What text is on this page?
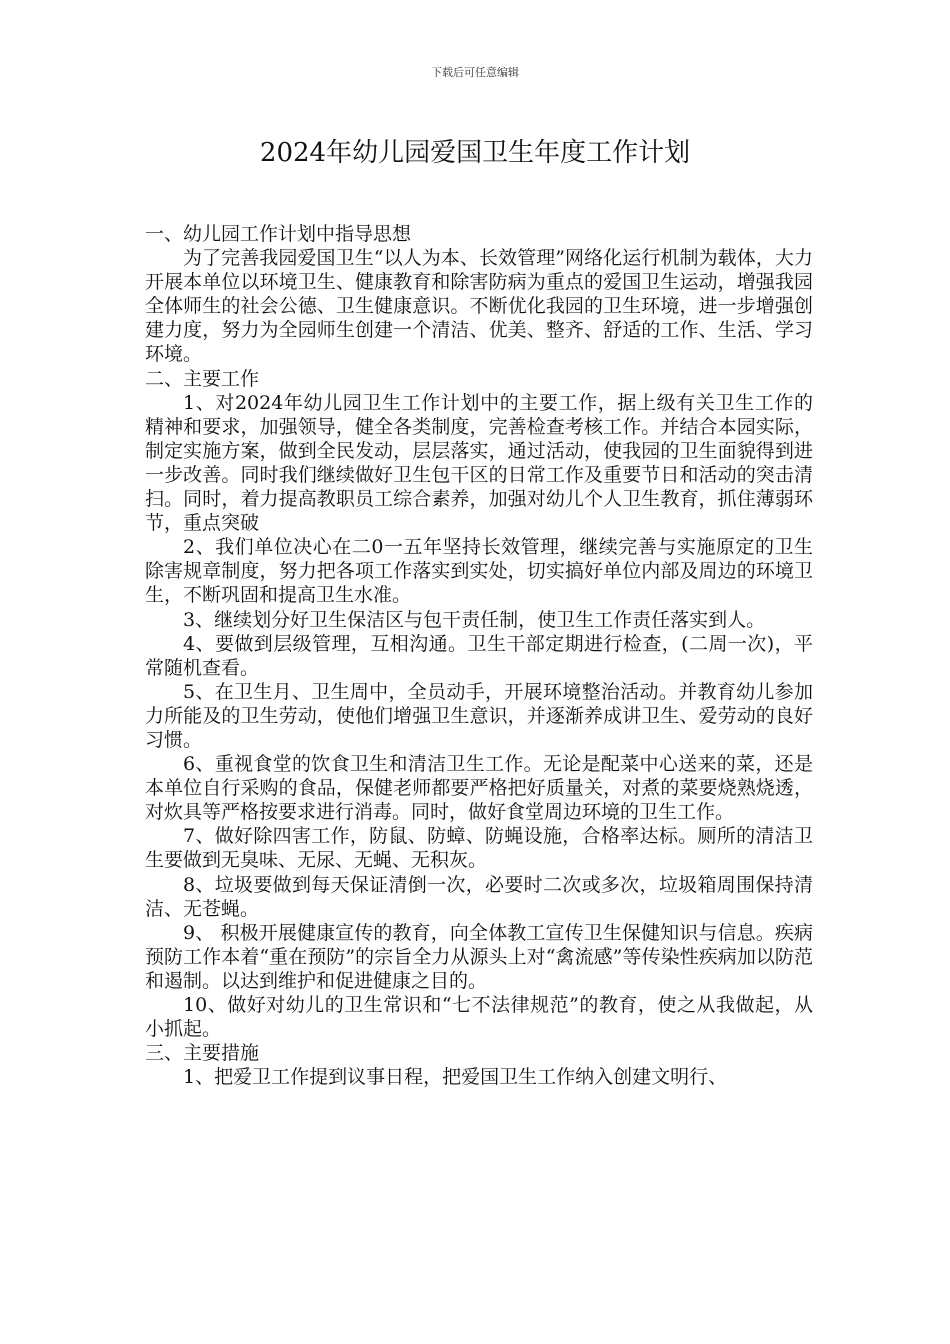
下载后可任意编辑
2024年幼儿园爱国卫生年度工作计划

一、幼儿园工作计划中指导思想

为了完善我园爱国卫生“以人为本、长效管理”网络化运行机制为载体，大力开展本单位以环境卫生、健康教育和除害防病为重点的爱国卫生运动，增强我园全体师生的社会公德、卫生健康意识。不断优化我园的卫生环境，进一步增强创建力度，努力为全园师生创建一个清洁、优美、整齐、舒适的工作、生活、学习环境。

二、主要工作

1、对2024年幼儿园卫生工作计划中的主要工作，据上级有关卫生工作的精神和要求，加强领导，健全各类制度，完善检查考核工作。并结合本园实际，制定实施方案，做到全民发动，层层落实，通过活动，使我园的卫生面貌得到进一步改善。同时我们继续做好卫生包干区的日常工作及重要节日和活动的突击清扫。同时，着力提高教职员工综合素养，加强对幼儿个人卫生教育，抓住薄弱环节，重点突破

2、我们单位决心在二0一五年坚持长效管理，继续完善与实施原定的卫生除害规章制度，努力把各项工作落实到实处，切实搞好单位内部及周边的环境卫生，不断巩固和提高卫生水准。

3、继续划分好卫生保洁区与包干责任制，使卫生工作责任落实到人。

4、要做到层级管理，互相沟通。卫生干部定期进行检查，(二周一次)，平常随机查看。

5、在卫生月、卫生周中，全员动手，开展环境整治活动。并教育幼儿参加力所能及的卫生劳动，使他们增强卫生意识，并逐渐养成讲卫生、爱劳动的良好习惯。

6、重视食堂的饮食卫生和清洁卫生工作。无论是配菜中心送来的菜，还是本单位自行采购的食品，保健老师都要严格把好质量关，对煮的菜要烧熟烧透，对炊具等严格按要求进行消毒。同时，做好食堂周边环境的卫生工作。

7、做好除四害工作，防鼠、防蟑、防蝇设施，合格率达标。厕所的清洁卫生要做到无臭味、无尿、无蝇、无积灰。

8、垃圾要做到每天保证清倒一次，必要时二次或多次，垃圾箱周围保持清洁、无苍蝇。

9、 积极开展健康宣传的教育，向全体教工宣传卫生保健知识与信息。疾病预防工作本着“重在预防”的宗旨全力从源头上对“禽流感”等传染性疾病加以防范和遏制。以达到维护和促进健康之目的。

10、做好对幼儿的卫生常识和“七不法律规范”的教育，使之从我做起，从小抓起。

三、主要措施

1、把爱卫工作提到议事日程，把爱国卫生工作纳入创建文明行、
